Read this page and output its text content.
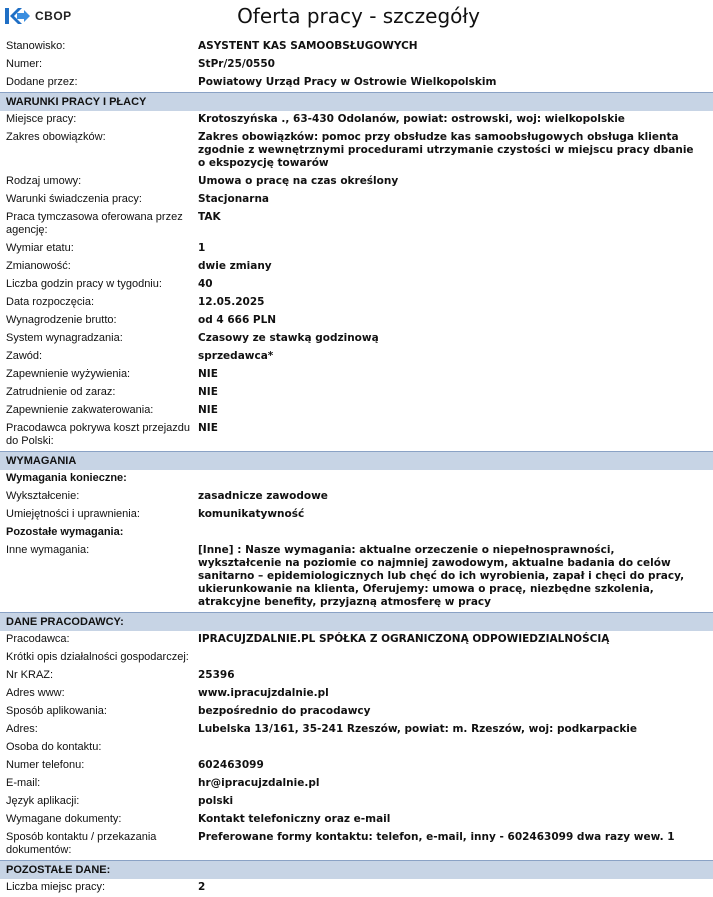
CBOP	Oferta pracy - szczegóły
Stanowisko:	ASYSTENT KAS SAMOOBSŁUGOWYCH
Numer:	StPr/25/0550
Dodane przez:	Powiatowy Urząd Pracy w Ostrowie Wielkopolskim
WARUNKI PRACY I PŁACY
Miejsce pracy:	Krotoszyńska ., 63-430 Odolanów, powiat: ostrowski, woj: wielkopolskie
Zakres obowiązków:	Zakres obowiązków: pomoc przy obsłudze kas samoobsługowych obsługa klienta zgodnie z wewnętrznymi procedurami utrzymanie czystości w miejscu pracy dbanie o ekspozycję towarów
Rodzaj umowy:	Umowa o pracę na czas określony
Warunki świadczenia pracy:	Stacjonarna
Praca tymczasowa oferowana przez agencję:
TAK
Wymiar etatu:	1
Zmianowość:	dwie zmiany
Liczba godzin pracy w tygodniu:	40
Data rozpoczęcia:	12.05.2025
Wynagrodzenie brutto:	od 4 666 PLN
System wynagradzania:	Czasowy ze stawką godzinową
Zawód:	sprzedawca*
Zapewnienie wyżywienia:	NIE
Zatrudnienie od zaraz:	NIE
Zapewnienie zakwaterowania:	NIE
Pracodawca pokrywa koszt przejazdu do Polski:
NIE
WYMAGANIA
Wymagania konieczne:
Wykształcenie:	zasadnicze zawodowe
Umiejętności i uprawnienia:	komunikatywność
Pozostałe wymagania:
Inne wymagania:	[Inne] : Nasze wymagania: aktualne orzeczenie o niepełnosprawności, wykształcenie na poziomie co najmniej zawodowym, aktualne badania do celów sanitarno – epidemiologicznych lub chęć do ich wyrobienia, zapał i chęci do pracy, ukierunkowanie na klienta, Oferujemy: umowa o pracę, niezbędne szkolenia, atrakcyjne benefity, przyjazną atmosferę w pracy
DANE PRACODAWCY:
Pracodawca:	IPRACUJZDALNIE.PL SPÓŁKA Z OGRANICZONĄ ODPOWIEDZIALNOŚCIĄ
Krótki opis działalności gospodarczej:
Nr KRAZ:	25396
Adres www:	www.ipracujzdalnie.pl
Sposób aplikowania:	bezpośrednio do pracodawcy
Adres:	Lubelska 13/161, 35-241 Rzeszów, powiat: m. Rzeszów, woj: podkarpackie
Osoba do kontaktu:
Numer telefonu:	602463099
E-mail:	hr@ipracujzdalnie.pl
Język aplikacji:	polski
Wymagane dokumenty:	Kontakt telefoniczny oraz e-mail
Sposób kontaktu / przekazania dokumentów:
Preferowane formy kontaktu: telefon, e-mail, inny - 602463099 dwa razy wew. 1
POZOSTAŁE DANE:
Liczba miejsc pracy:	2
